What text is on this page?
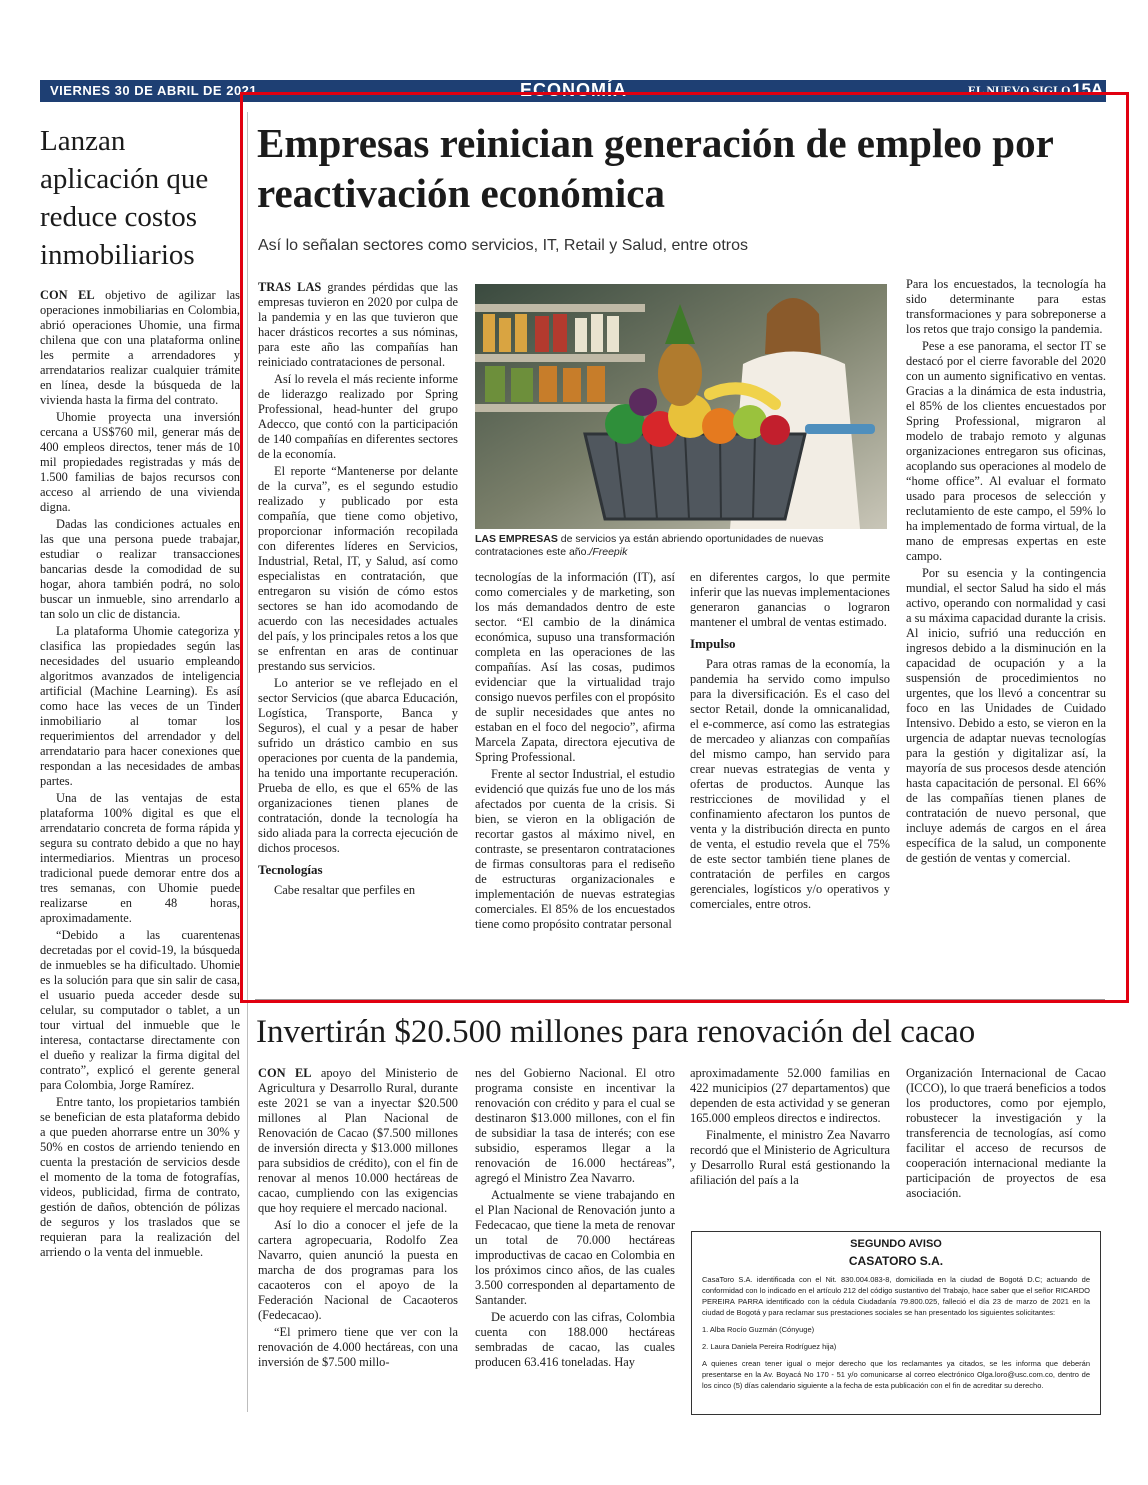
VIERNES 30 DE ABRIL DE 2021	ECONOMÍA	EL NUEVO SIGLO 15A
Lanzan aplicación que reduce costos inmobiliarios

CON EL objetivo de agilizar las operaciones inmobiliarias en Colombia, abrió operaciones Uhomie, una firma chilena que con una plataforma online les permite a arrendadores y arrendatarios realizar cualquier trámite en línea, desde la búsqueda de la vivienda hasta la firma del contrato.

Uhomie proyecta una inversión cercana a US$760 mil, generar más de 400 empleos directos, tener más de 10 mil propiedades registradas y más de 1.500 familias de bajos recursos con acceso al arriendo de una vivienda digna.

Dadas las condiciones actuales en las que una persona puede trabajar, estudiar o realizar transacciones bancarias desde la comodidad de su hogar, ahora también podrá, no solo buscar un inmueble, sino arrendarlo a tan solo un clic de distancia.

La plataforma Uhomie categoriza y clasifica las propiedades según las necesidades del usuario empleando algoritmos avanzados de inteligencia artificial (Machine Learning). Es así como hace las veces de un Tinder inmobiliario al tomar los requerimientos del arrendador y del arrendatario para hacer conexiones que respondan a las necesidades de ambas partes.

Una de las ventajas de esta plataforma 100% digital es que el arrendatario concreta de forma rápida y segura su contrato debido a que no hay intermediarios. Mientras un proceso tradicional puede demorar entre dos a tres semanas, con Uhomie puede realizarse en 48 horas, aproximadamente.

“Debido a las cuarentenas decretadas por el covid-19, la búsqueda de inmuebles se ha dificultado. Uhomie es la solución para que sin salir de casa, el usuario pueda acceder desde su celular, su computador o tablet, a un tour virtual del inmueble que le interesa, contactarse directamente con el dueño y realizar la firma digital del contrato”, explicó el gerente general para Colombia, Jorge Ramírez.

Entre tanto, los propietarios también se benefician de esta plataforma debido a que pueden ahorrarse entre un 30% y 50% en costos de arriendo teniendo en cuenta la prestación de servicios desde el momento de la toma de fotografías, videos, publicidad, firma de contrato, gestión de daños, obtención de pólizas de seguros y los traslados que se requieran para la realización del arriendo o la venta del inmueble.

Empresas reinician generación de empleo por reactivación económica

Así lo señalan sectores como servicios, IT, Retail y Salud, entre otros

LAS EMPRESAS de servicios ya están abriendo oportunidades de nuevas contrataciones este año./Freepik

TRAS LAS grandes pérdidas que las empresas tuvieron en 2020 por culpa de la pandemia y en las que tuvieron que hacer drásticos recortes a sus nóminas, para este año las compañías han reiniciado contrataciones de personal.

Así lo revela el más reciente informe de liderazgo realizado por Spring Professional, head-hunter del grupo Adecco, que contó con la participación de 140 compañías en diferentes sectores de la economía.

El reporte “Mantenerse por delante de la curva”, es el segundo estudio realizado y publicado por esta compañía, que tiene como objetivo, proporcionar información recopilada con diferentes líderes en Servicios, Industrial, Retal, IT, y Salud, así como especialistas en contratación, que entregaron su visión de cómo estos sectores se han ido acomodando de acuerdo con las necesidades actuales del país, y los principales retos a los que se enfrentan en aras de continuar prestando sus servicios.

Lo anterior se ve reflejado en el sector Servicios (que abarca Educación, Logística, Transporte, Banca y Seguros), el cual y a pesar de haber sufrido un drástico cambio en sus operaciones por cuenta de la pandemia, ha tenido una importante recuperación. Prueba de ello, es que el 65% de las organizaciones tienen planes de contratación, donde la tecnología ha sido aliada para la correcta ejecución de dichos procesos.

Tecnologías

Cabe resaltar que perfiles en

tecnologías de la información (IT), así como comerciales y de marketing, son los más demandados dentro de este sector. “El cambio de la dinámica económica, supuso una transformación completa en las operaciones de las compañías. Así las cosas, pudimos evidenciar que la virtualidad trajo consigo nuevos perfiles con el propósito de suplir necesidades que antes no estaban en el foco del negocio”, afirma Marcela Zapata, directora ejecutiva de Spring Professional.

Frente al sector Industrial, el estudio evidenció que quizás fue uno de los más afectados por cuenta de la crisis. Si bien, se vieron en la obligación de recortar gastos al máximo nivel, en contraste, se presentaron contrataciones de firmas consultoras para el rediseño de estructuras organizacionales e implementación de nuevas estrategias comerciales. El 85% de los encuestados tiene como propósito contratar personal

en diferentes cargos, lo que permite inferir que las nuevas implementaciones generaron ganancias o lograron mantener el umbral de ventas estimado.

Impulso

Para otras ramas de la economía, la pandemia ha servido como impulso para la diversificación. Es el caso del sector Retail, donde la omnicanalidad, el e-commerce, así como las estrategias de mercadeo y alianzas con compañías del mismo campo, han servido para crear nuevas estrategias de venta y ofertas de productos. Aunque las restricciones de movilidad y el confinamiento afectaron los puntos de venta y la distribución directa en punto de venta, el estudio revela que el 75% de este sector también tiene planes de contratación de perfiles en cargos gerenciales, logísticos y/o operativos y comerciales, entre otros.

Para los encuestados, la tecnología ha sido determinante para estas transformaciones y para sobreponerse a los retos que trajo consigo la pandemia.

Pese a ese panorama, el sector IT se destacó por el cierre favorable del 2020 con un aumento significativo en ventas. Gracias a la dinámica de esta industria, el 85% de los clientes encuestados por Spring Professional, migraron al modelo de trabajo remoto y algunas organizaciones entregaron sus oficinas, acoplando sus operaciones al modelo de “home office”. Al evaluar el formato usado para procesos de selección y reclutamiento de este campo, el 59% lo ha implementado de forma virtual, de la mano de empresas expertas en este campo.

Por su esencia y la contingencia mundial, el sector Salud ha sido el más activo, operando con normalidad y casi a su máxima capacidad durante la crisis. Al inicio, sufrió una reducción en ingresos debido a la disminución en la capacidad de ocupación y a la suspensión de procedimientos no urgentes, que los llevó a concentrar su foco en las Unidades de Cuidado Intensivo. Debido a esto, se vieron en la urgencia de adaptar nuevas tecnologías para la gestión y digitalizar así, la mayoría de sus procesos desde atención hasta capacitación de personal. El 66% de las compañías tienen planes de contratación de nuevo personal, que incluye además de cargos en el área específica de la salud, un componente de gestión de ventas y comercial.

Invertirán $20.500 millones para renovación del cacao

CON EL apoyo del Ministerio de Agricultura y Desarrollo Rural, durante este 2021 se van a inyectar $20.500 millones al Plan Nacional de Renovación de Cacao ($7.500 millones de inversión directa y $13.000 millones para subsidios de crédito), con el fin de renovar al menos 10.000 hectáreas de cacao, cumpliendo con las exigencias que hoy requiere el mercado nacional.

Así lo dio a conocer el jefe de la cartera agropecuaria, Rodolfo Zea Navarro, quien anunció la puesta en marcha de dos programas para los cacaoteros con el apoyo de la Federación Nacional de Cacaoteros (Fedecacao).

“El primero tiene que ver con la renovación de 4.000 hectáreas, con una inversión de $7.500 millo-

nes del Gobierno Nacional. El otro programa consiste en incentivar la renovación con crédito y para el cual se destinaron $13.000 millones, con el fin de subsidiar la tasa de interés; con ese subsidio, esperamos llegar a la renovación de 16.000 hectáreas”, agregó el Ministro Zea Navarro.

Actualmente se viene trabajando en el Plan Nacional de Renovación junto a Fedecacao, que tiene la meta de renovar un total de 70.000 hectáreas improductivas de cacao en Colombia en los próximos cinco años, de las cuales 3.500 corresponden al departamento de Santander.

De acuerdo con las cifras, Colombia cuenta con 188.000 hectáreas sembradas de cacao, las cuales producen 63.416 toneladas. Hay

aproximadamente 52.000 familias en 422 municipios (27 departamentos) que dependen de esta actividad y se generan 165.000 empleos directos e indirectos.

Finalmente, el ministro Zea Navarro recordó que el Ministerio de Agricultura y Desarrollo Rural está gestionando la afiliación del país a la

Organización Internacional de Cacao (ICCO), lo que traerá beneficios a todos los productores, como por ejemplo, robustecer la investigación y la transferencia de tecnologías, así como facilitar el acceso de recursos de cooperación internacional mediante la participación de proyectos de esa asociación.

SEGUNDO AVISO
CASATORO S.A.
CasaToro S.A. identificada con el Nit. 830.004.083-8, domiciliada en la ciudad de Bogotá D.C; actuando de conformidad con lo indicado en el artículo 212 del código sustantivo del Trabajo, hace saber que el señor RICARDO PEREIRA PARRA identificado con la cédula Ciudadanía 79.800.025, falleció el día 23 de marzo de 2021 en la ciudad de Bogotá y para reclamar sus prestaciones sociales se han presentado los siguientes solicitantes:
1. Alba Rocío Guzmán (Cónyuge)
2. Laura Daniela Pereira Rodríguez hija)
A quienes crean tener igual o mejor derecho que los reclamantes ya citados, se les informa que deberán presentarse en la Av. Boyacá No 170 - 51 y/o comunicarse al correo electrónico Olga.loro@usc.com.co, dentro de los cinco (5) días calendario siguiente a la fecha de esta publicación con el fin de acreditar su derecho.
